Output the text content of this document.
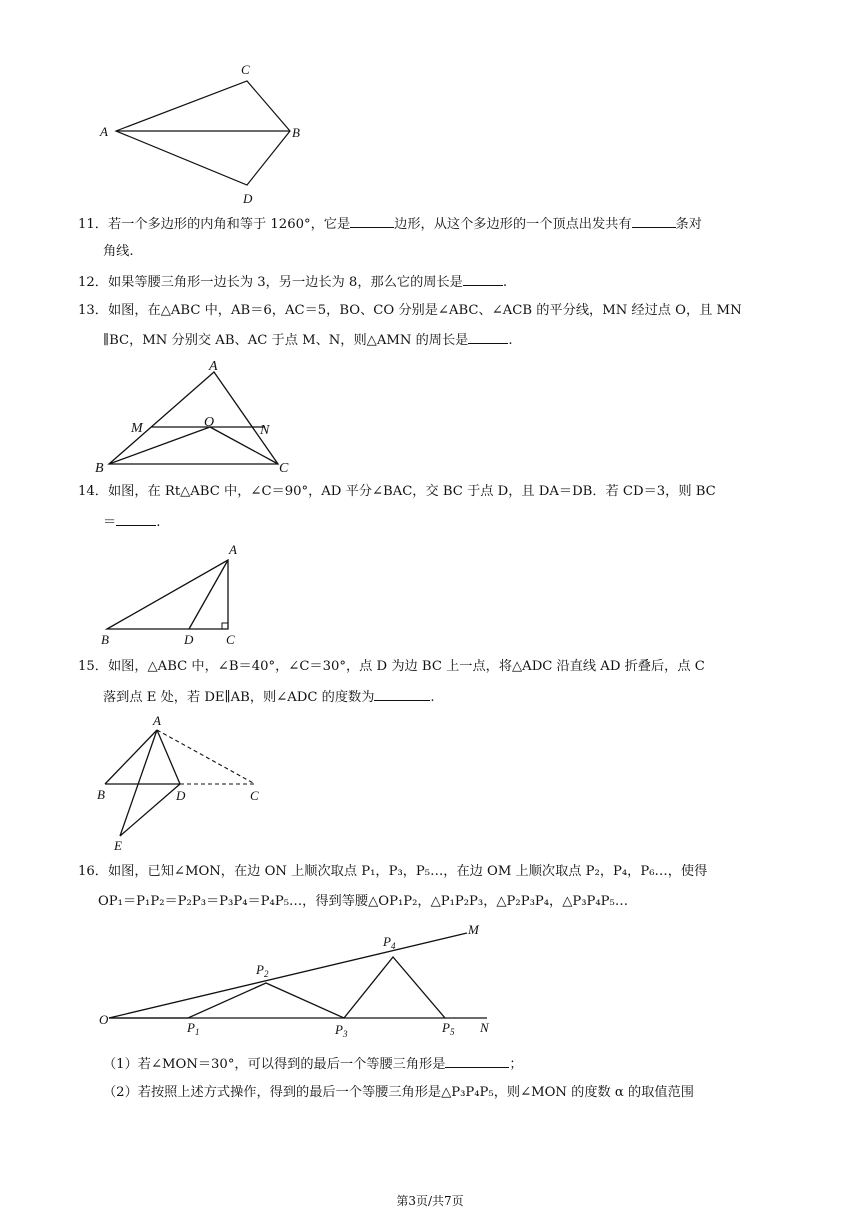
A
C
B
D
11．若一个多边形的内角和等于 1260°，它是	边形，从这个多边形的一个顶点出发共有	条对
角线.
12．如果等腰三角形一边长为 3，另一边长为 8，那么它的周长是	.
13．如图，在△ABC 中，AB＝6，AC＝5，BO、CO 分别是∠ABC、∠ACB 的平分线，MN 经过点 O，且 MN
∥BC，MN 分别交 AB、AC 于点 M、N，则△AMN 的周长是	.
A
M	O
N
B	C
14．如图，在 Rt△ABC 中，∠C＝90°，AD 平分∠BAC，交 BC 于点 D，且 DA＝DB．若 CD＝3，则 BC
＝	.
A
B	D	C
15．如图，△ABC 中，∠B＝40°，∠C＝30°，点 D 为边 BC 上一点，将△ADC 沿直线 AD 折叠后，点 C
落到点 E 处，若 DE∥AB，则∠ADC 的度数为	.
A
B	D	C
E
16．如图，已知∠MON，在边 ON 上顺次取点 P₁，P₃，P₅…，在边 OM 上顺次取点 P₂，P₄，P₆…，使得
OP₁＝P₁P₂＝P₂P₃＝P₃P₄＝P₄P₅…，得到等腰△OP₁P₂，△P₁P₂P₃，△P₂P₃P₄，△P₃P₄P₅…
O
M
N
$P_1$
$P_2$
$P_3$
$P_4$
$P_5$
（1）若∠MON＝30°，可以得到的最后一个等腰三角形是	；
（2）若按照上述方式操作，得到的最后一个等腰三角形是△P₃P₄P₅，则∠MON 的度数 α 的取值范围
第3页/共7页
